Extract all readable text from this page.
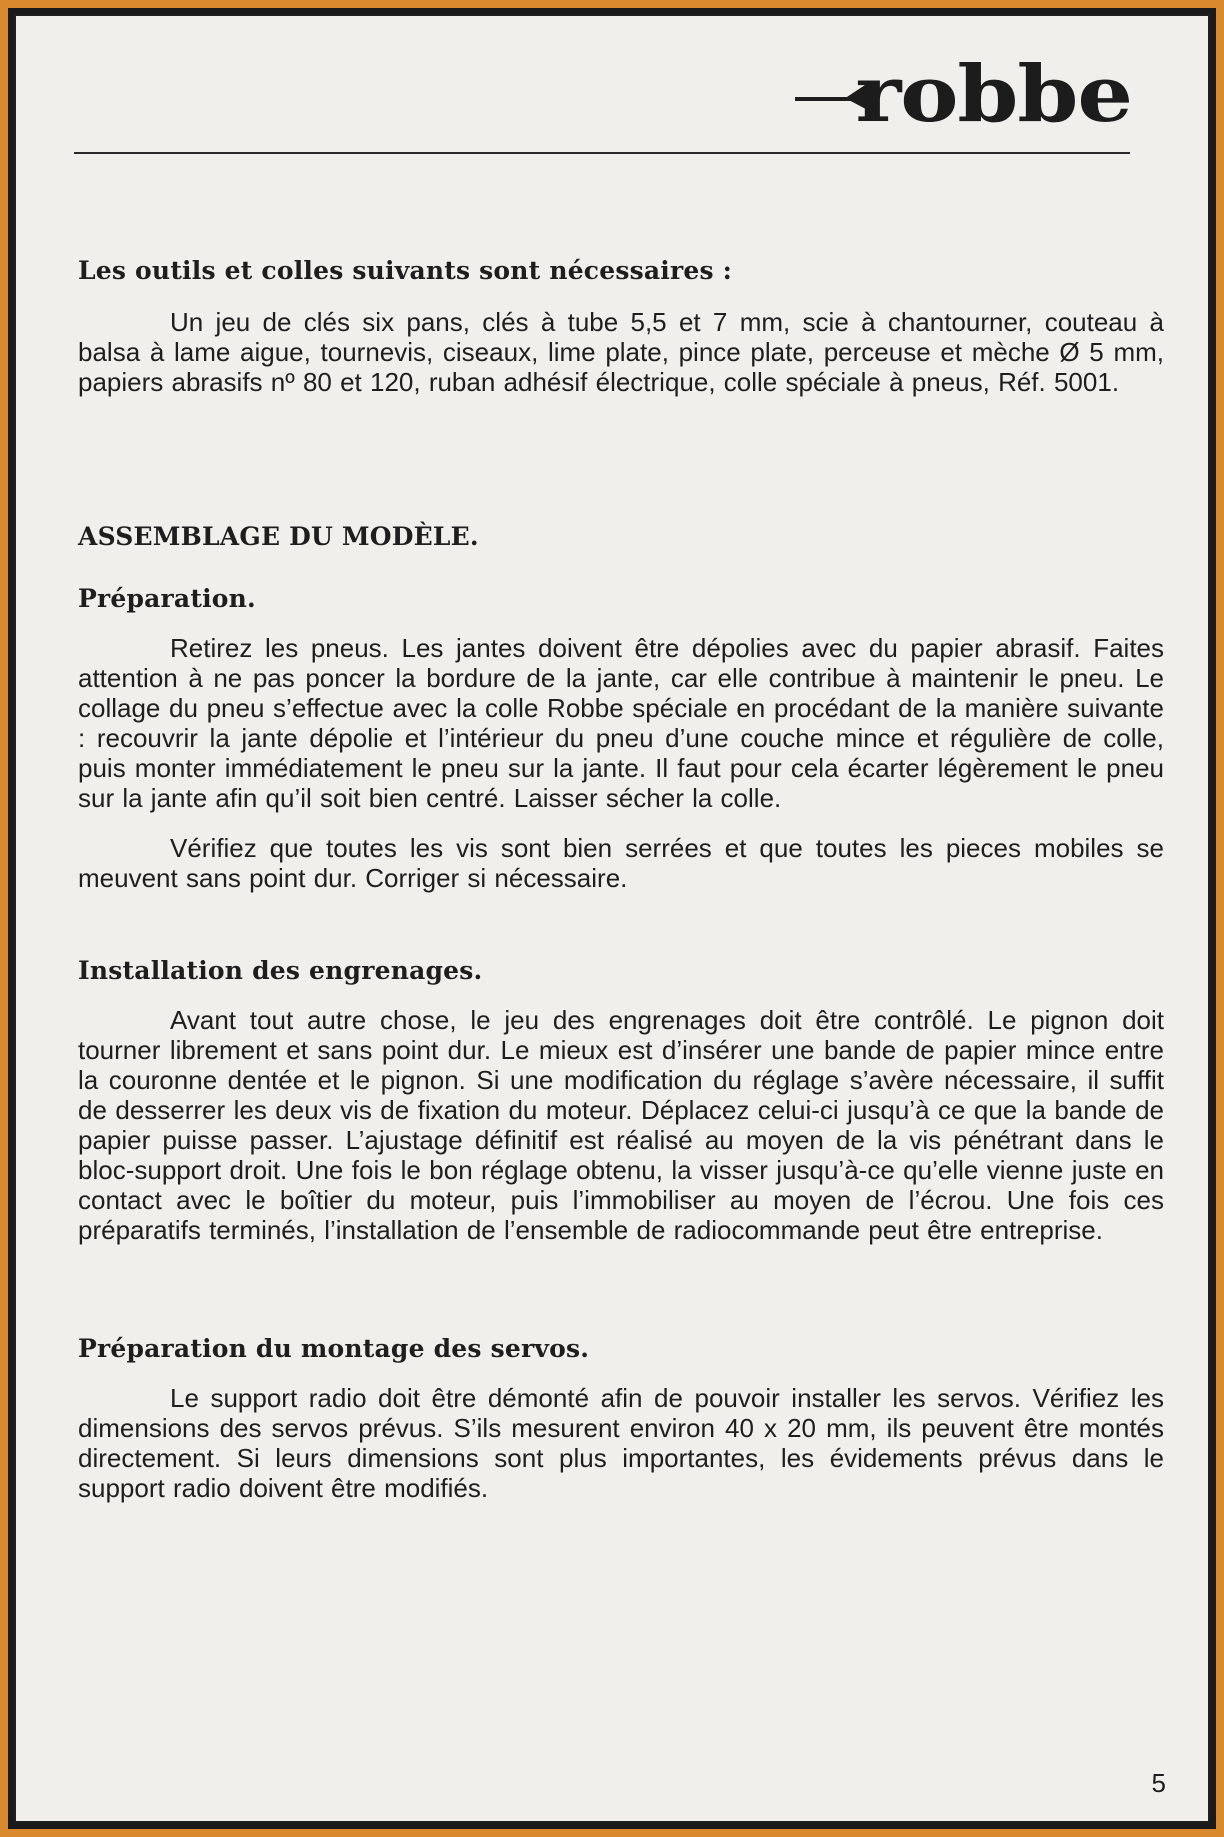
robbe
Les outils et colles suivants sont nécessaires :

Un jeu de clés six pans, clés à tube 5,5 et 7 mm, scie à chantourner, couteau à balsa à lame aigue, tournevis, ciseaux, lime plate, pince plate, perceuse et mèche Ø 5 mm, papiers abrasifs nº 80 et 120, ruban adhésif électrique, colle spéciale à pneus, Réf. 5001.

ASSEMBLAGE DU MODÈLE.
Préparation.

Retirez les pneus. Les jantes doivent être dépolies avec du papier abrasif. Faites attention à ne pas poncer la bordure de la jante, car elle contribue à maintenir le pneu. Le collage du pneu s’effectue avec la colle Robbe spéciale en procédant de la manière suivante : recouvrir la jante dépolie et l’intérieur du pneu d’une couche mince et régulière de colle, puis monter immédiatement le pneu sur la jante. Il faut pour cela écarter légèrement le pneu sur la jante afin qu’il soit bien centré. Laisser sécher la colle.

Vérifiez que toutes les vis sont bien serrées et que toutes les pieces mobiles se meuvent sans point dur. Corriger si nécessaire.

Installation des engrenages.

Avant tout autre chose, le jeu des engrenages doit être contrôlé. Le pignon doit tourner librement et sans point dur. Le mieux est d’insérer une bande de papier mince entre la couronne dentée et le pignon. Si une modification du réglage s’avère nécessaire, il suffit de desserrer les deux vis de fixation du moteur. Déplacez celui-ci jusqu’à ce que la bande de papier puisse passer. L’ajustage définitif est réalisé au moyen de la vis pénétrant dans le bloc-support droit. Une fois le bon réglage obtenu, la visser jusqu’à-ce qu’elle vienne juste en contact avec le boîtier du moteur, puis l’immobiliser au moyen de l’écrou. Une fois ces préparatifs terminés, l’installation de l’ensemble de radiocommande peut être entreprise.

Préparation du montage des servos.

Le support radio doit être démonté afin de pouvoir installer les servos. Vérifiez les dimensions des servos prévus. S’ils mesurent environ 40 x 20 mm, ils peuvent être montés directement. Si leurs dimensions sont plus importantes, les évidements prévus dans le support radio doivent être modifiés.

5
